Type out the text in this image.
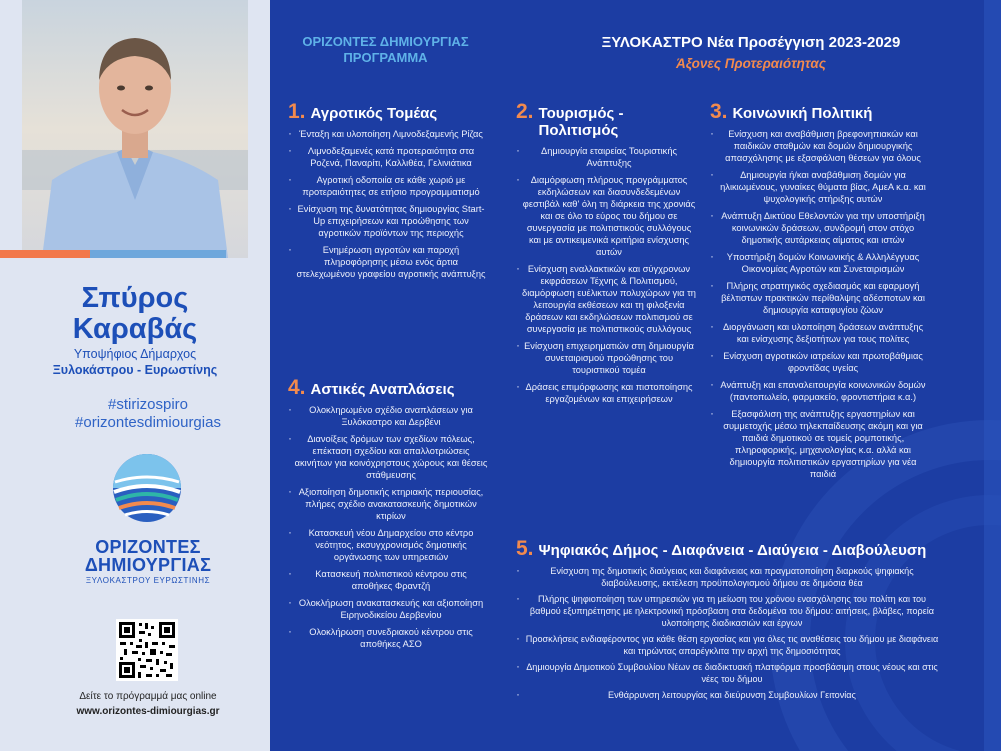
Σπύρος
Καραβάς
Υποψήφιος Δήμαρχος
Ξυλοκάστρου - Ευρωστίνης
#stirizospiro
#orizontesdimiourgias
ΟΡΙΖΟΝΤΕΣ
ΔΗΜΙΟΥΡΓΙΑΣ
ΞΥΛΟΚΑΣΤΡΟΥ ΕΥΡΩΣΤΙΝΗΣ
Δείτε το πρόγραμμά μας online
www.orizontes-dimiourgias.gr
ΟΡΙΖΟΝΤΕΣ ΔΗΜΙΟΥΡΓΙΑΣ
ΠΡΟΓΡΑΜΜΑ
ΞΥΛΟΚΑΣΤΡΟ Νέα Προσέγγιση 2023-2029
Άξονες Προτεραιότητας
1. Αγροτικός Τομέας
· Ένταξη και υλοποίηση Λιμνοδεξαμενής Ρίζας
· Λιμνοδεξαμενές κατά προτεραιότητα στα Ροζενά, Παναρίτι, Καλλιθέα, Γελινιάτικα
· Αγροτική οδοποιία σε κάθε χωριό με προτεραιότητες σε ετήσιο προγραμματισμό
· Ενίσχυση της δυνατότητας δημιουργίας Start-Up επιχειρήσεων και προώθησης των αγροτικών προϊόντων της περιοχής
· Ενημέρωση αγροτών και παροχή πληροφόρησης μέσω ενός άρτια στελεχωμένου γραφείου αγροτικής ανάπτυξης
2. Τουρισμός - Πολιτισμός
· Δημιουργία εταιρείας Τουριστικής Ανάπτυξης
· Διαμόρφωση πλήρους προγράμματος εκδηλώσεων και διασυνδεδεμένων φεστιβάλ καθ' όλη τη διάρκεια της χρονιάς και σε όλο το εύρος του δήμου σε συνεργασία με πολιτιστικούς συλλόγους και με αντικειμενικά κριτήρια ενίσχυσης αυτών
· Ενίσχυση εναλλακτικών και σύγχρονων εκφράσεων Τέχνης & Πολιτισμού, διαμόρφωση ευέλικτων πολυχώρων για τη λειτουργία εκθέσεων και τη φιλοξενία δράσεων και εκδηλώσεων πολιτισμού σε συνεργασία με πολιτιστικούς συλλόγους
· Ενίσχυση επιχειρηματιών στη δημιουργία συνεταιρισμού προώθησης του τουριστικού τομέα
· Δράσεις επιμόρφωσης και πιστοποίησης εργαζομένων και επιχειρήσεων
3. Κοινωνική Πολιτική
· Ενίσχυση και αναβάθμιση βρεφονηπιακών και παιδικών σταθμών και δομών δημιουργικής απασχόλησης με εξασφάλιση θέσεων για όλους
· Δημιουργία ή/και αναβάθμιση δομών για ηλικιωμένους, γυναίκες θύματα βίας, ΑμεΑ κ.α. και ψυχολογικής στήριξης αυτών
· Ανάπτυξη Δικτύου Εθελοντών για την υποστήριξη κοινωνικών δράσεων, συνδρομή στον στόχο δημοτικής αυτάρκειας αίματος και ιστών
· Υποστήριξη δομών Κοινωνικής & Αλληλέγγυας Οικονομίας Αγροτών και Συνεταιρισμών
· Πλήρης στρατηγικός σχεδιασμός και εφαρμογή βέλτιστων πρακτικών περίθαλψης αδέσποτων και δημιουργία καταφυγίου ζώων
· Διοργάνωση και υλοποίηση δράσεων ανάπτυξης και ενίσχυσης δεξιοτήτων για τους πολίτες
· Ενίσχυση αγροτικών ιατρείων και πρωτοβάθμιας φροντίδας υγείας
· Ανάπτυξη και επαναλειτουργία κοινωνικών δομών (παντοπωλείο, φαρμακείο, φροντιστήρια κ.α.)
· Εξασφάλιση της ανάπτυξης εργαστηρίων και συμμετοχής μέσω τηλεκπαίδευσης ακόμη και για παιδιά δημοτικού σε τομείς ρομποτικής, πληροφορικής, μηχανολογίας κ.α. αλλά και δημιουργία πολιτιστικών εργαστηρίων για νέα παιδιά
4. Αστικές Αναπλάσεις
· Ολοκληρωμένο σχέδιο αναπλάσεων για Ξυλόκαστρο και Δερβένι
· Διανοίξεις δρόμων των σχεδίων πόλεως, επέκταση σχεδίου και απαλλοτριώσεις ακινήτων για κοινόχρηστους χώρους και θέσεις στάθμευσης
· Αξιοποίηση δημοτικής κτηριακής περιουσίας, πλήρες σχέδιο ανακατασκευής δημοτικών κτιρίων
· Κατασκευή νέου Δημαρχείου στο κέντρο νεότητος, εκσυγχρονισμός δημοτικής οργάνωσης των υπηρεσιών
· Κατασκευή πολιτιστικού κέντρου στις αποθήκες Φραντζή
· Ολοκλήρωση ανακατασκευής και αξιοποίηση Ειρηνοδικείου Δερβενίου
· Ολοκλήρωση συνεδριακού κέντρου στις αποθήκες ΑΣΟ
5. Ψηφιακός Δήμος - Διαφάνεια - Διαύγεια - Διαβούλευση
· Ενίσχυση της δημοτικής διαύγειας και διαφάνειας και πραγματοποίηση διαρκούς ψηφιακής διαβούλευσης, εκτέλεση προϋπολογισμού δήμου σε δημόσια θέα
· Πλήρης ψηφιοποίηση των υπηρεσιών για τη μείωση του χρόνου ενασχόλησης του πολίτη και του βαθμού εξυπηρέτησης με ηλεκτρονική πρόσβαση στα δεδομένα του δήμου: αιτήσεις, βλάβες, πορεία υλοποίησης διαδικασιών και έργων
· Προσκλήσεις ενδιαφέροντος για κάθε θέση εργασίας και για όλες τις αναθέσεις του δήμου με διαφάνεια και τηρώντας απαρέγκλιτα την αρχή της δημοσιότητας
· Δημιουργία Δημοτικού Συμβουλίου Νέων σε διαδικτυακή πλατφόρμα προσβάσιμη στους νέους και στις νέες του δήμου
· Ενθάρρυνση λειτουργίας και διεύρυνση Συμβουλίων Γειτονίας
